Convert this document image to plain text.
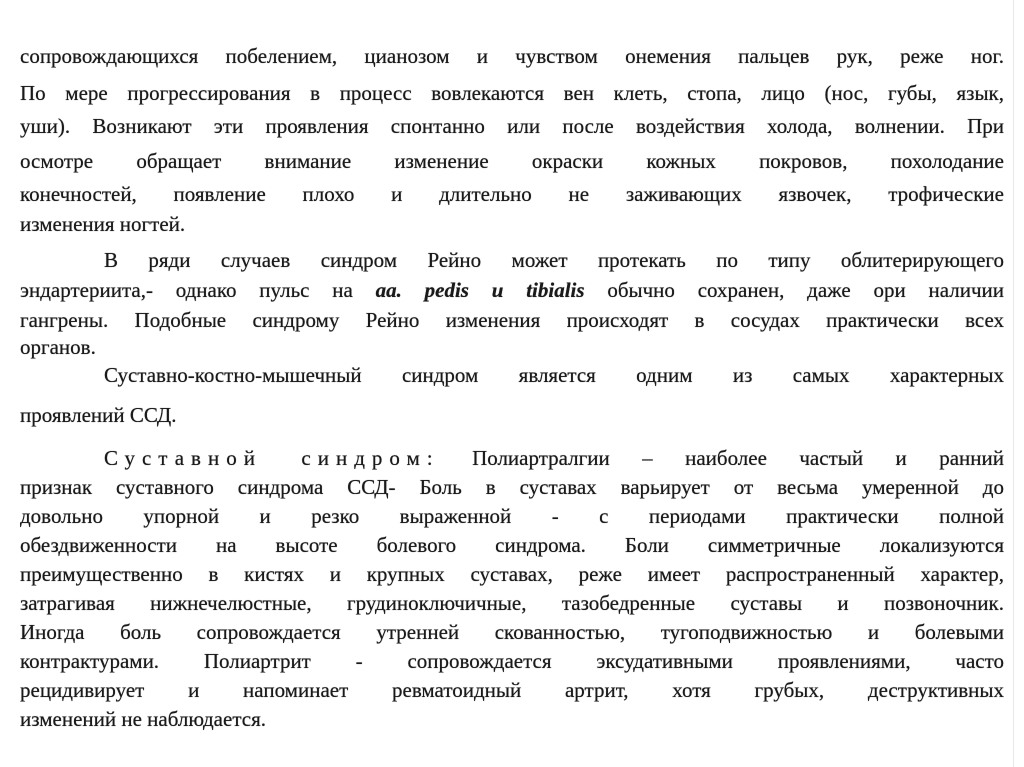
сопровождающихся побелением, цианозом и чувством онемения пальцев рук, реже ног.
По мере прогрессирования в процесс вовлекаются вен клеть, стопа, лицо (нос, губы, язык,
уши). Возникают эти проявления спонтанно или после воздействия холода, волнении. При
осмотре обращает внимание изменение окраски кожных покровов, похолодание
конечностей, появление плохо и длительно не заживающих язвочек, трофические
изменения ногтей.
В ряди случаев синдром Рейно может протекать по типу облитерирующего
эндартериита,- однако пульс на aa. pedis и tibialis обычно сохранен, даже ори наличии
гангрены. Подобные синдрому Рейно изменения происходят в сосудах практически всех
органов.
Суставно-костно-мышечный синдром является одним из самых характерных
проявлений ССД.
Суставной синдром: Полиартралгии – наиболее частый и ранний
признак суставного синдрома ССД- Боль в суставах варьирует от весьма умеренной до
довольно упорной и резко выраженной - с периодами практически полной
обездвиженности на высоте болевого синдрома. Боли симметричные локализуются
преимущественно в кистях и крупных суставах, реже имеет распространенный характер,
затрагивая нижнечелюстные, грудиноключичные, тазобедренные суставы и позвоночник.
Иногда боль сопровождается утренней скованностью, тугоподвижностью и болевыми
контрактурами. Полиартрит - сопровождается эксудативными проявлениями, часто
рецидивирует и напоминает ревматоидный артрит, хотя грубых, деструктивных
изменений не наблюдается.
